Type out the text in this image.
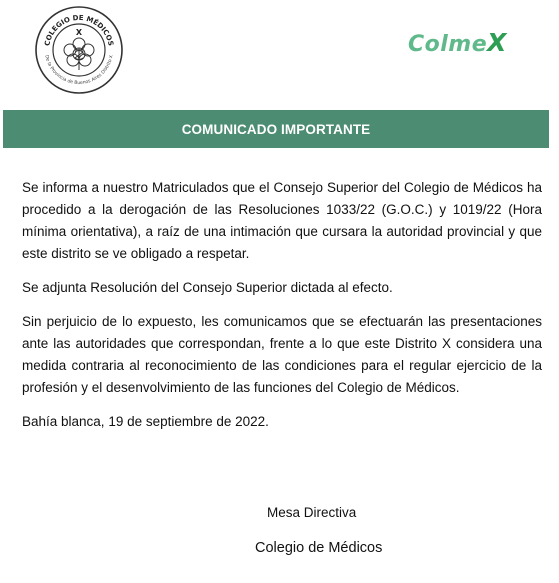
COLEGIO DE MÉDICOS
De la Provincia de Buenos Aires Distrito X
X	ColmeX
COMUNICADO IMPORTANTE

Se informa a nuestro Matriculados que el Consejo Superior del Colegio de Médicos ha procedido a la derogación de las Resoluciones 1033/22 (G.O.C.) y 1019/22 (Hora mínima orientativa), a raíz de una intimación que cursara la autoridad provincial y que este distrito se ve obligado a respetar.

Se adjunta Resolución del Consejo Superior dictada al efecto.

Sin perjuicio de lo expuesto, les comunicamos que se efectuarán las presentaciones ante las autoridades que correspondan, frente a lo que este Distrito X considera una medida contraria al reconocimiento de las condiciones para el regular ejercicio de la profesión y el desenvolvimiento de las funciones del Colegio de Médicos.

Bahía blanca, 19 de septiembre de 2022.

Mesa Directiva
Colegio de Médicos
